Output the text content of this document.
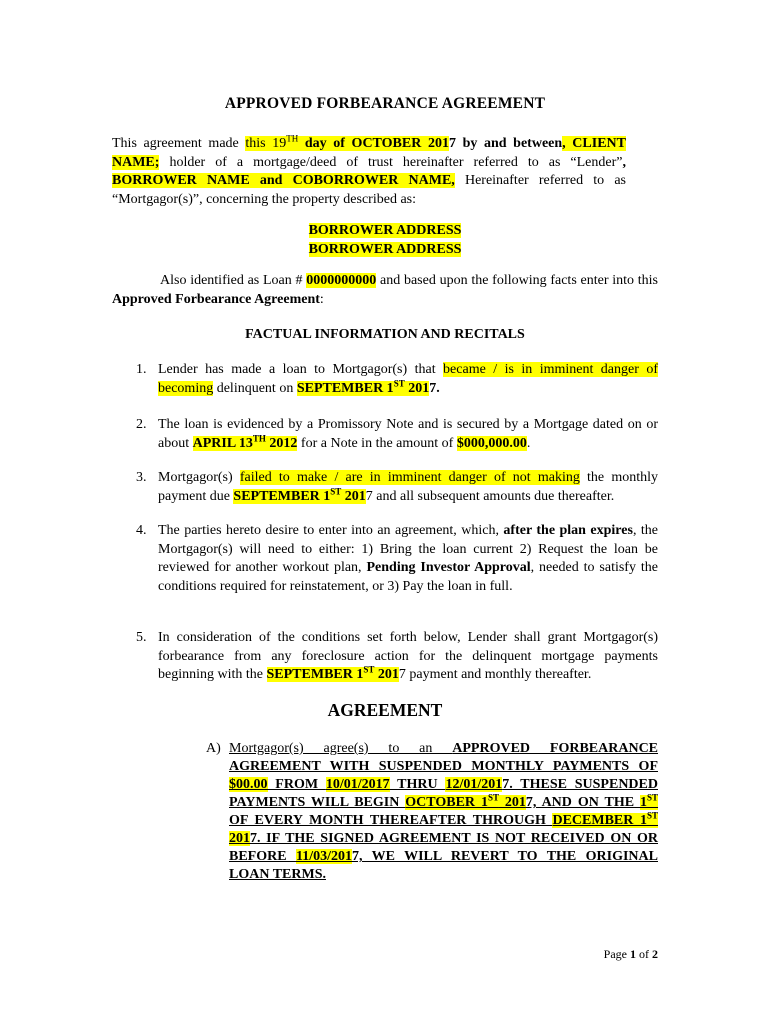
APPROVED FORBEARANCE AGREEMENT
This agreement made this 19TH day of OCTOBER 2017 by and between, CLIENT NAME; holder of a mortgage/deed of trust hereinafter referred to as “Lender”, BORROWER NAME and COBORROWER NAME, Hereinafter referred to as “Mortgagor(s)”, concerning the property described as:
BORROWER ADDRESS
BORROWER ADDRESS
Also identified as Loan # 0000000000 and based upon the following facts enter into this Approved Forbearance Agreement:
FACTUAL INFORMATION AND RECITALS
1. Lender has made a loan to Mortgagor(s) that became / is in imminent danger of becoming delinquent on SEPTEMBER 1ST 2017.
2. The loan is evidenced by a Promissory Note and is secured by a Mortgage dated on or about APRIL 13TH 2012 for a Note in the amount of $000,000.00.
3. Mortgagor(s) failed to make / are in imminent danger of not making the monthly payment due SEPTEMBER 1ST 2017 and all subsequent amounts due thereafter.
4. The parties hereto desire to enter into an agreement, which, after the plan expires, the Mortgagor(s) will need to either: 1) Bring the loan current 2) Request the loan be reviewed for another workout plan, Pending Investor Approval, needed to satisfy the conditions required for reinstatement, or 3) Pay the loan in full.
5. In consideration of the conditions set forth below, Lender shall grant Mortgagor(s) forbearance from any foreclosure action for the delinquent mortgage payments beginning with the SEPTEMBER 1ST 2017 payment and monthly thereafter.
AGREEMENT
A) Mortgagor(s) agree(s) to an APPROVED FORBEARANCE AGREEMENT WITH SUSPENDED MONTHLY PAYMENTS OF $00.00 FROM 10/01/2017 THRU 12/01/2017. THESE SUSPENDED PAYMENTS WILL BEGIN OCTOBER 1ST 2017, AND ON THE 1ST OF EVERY MONTH THEREAFTER THROUGH DECEMBER 1ST 2017. IF THE SIGNED AGREEMENT IS NOT RECEIVED ON OR BEFORE 11/03/2017, WE WILL REVERT TO THE ORIGINAL LOAN TERMS.
Page 1 of 2
